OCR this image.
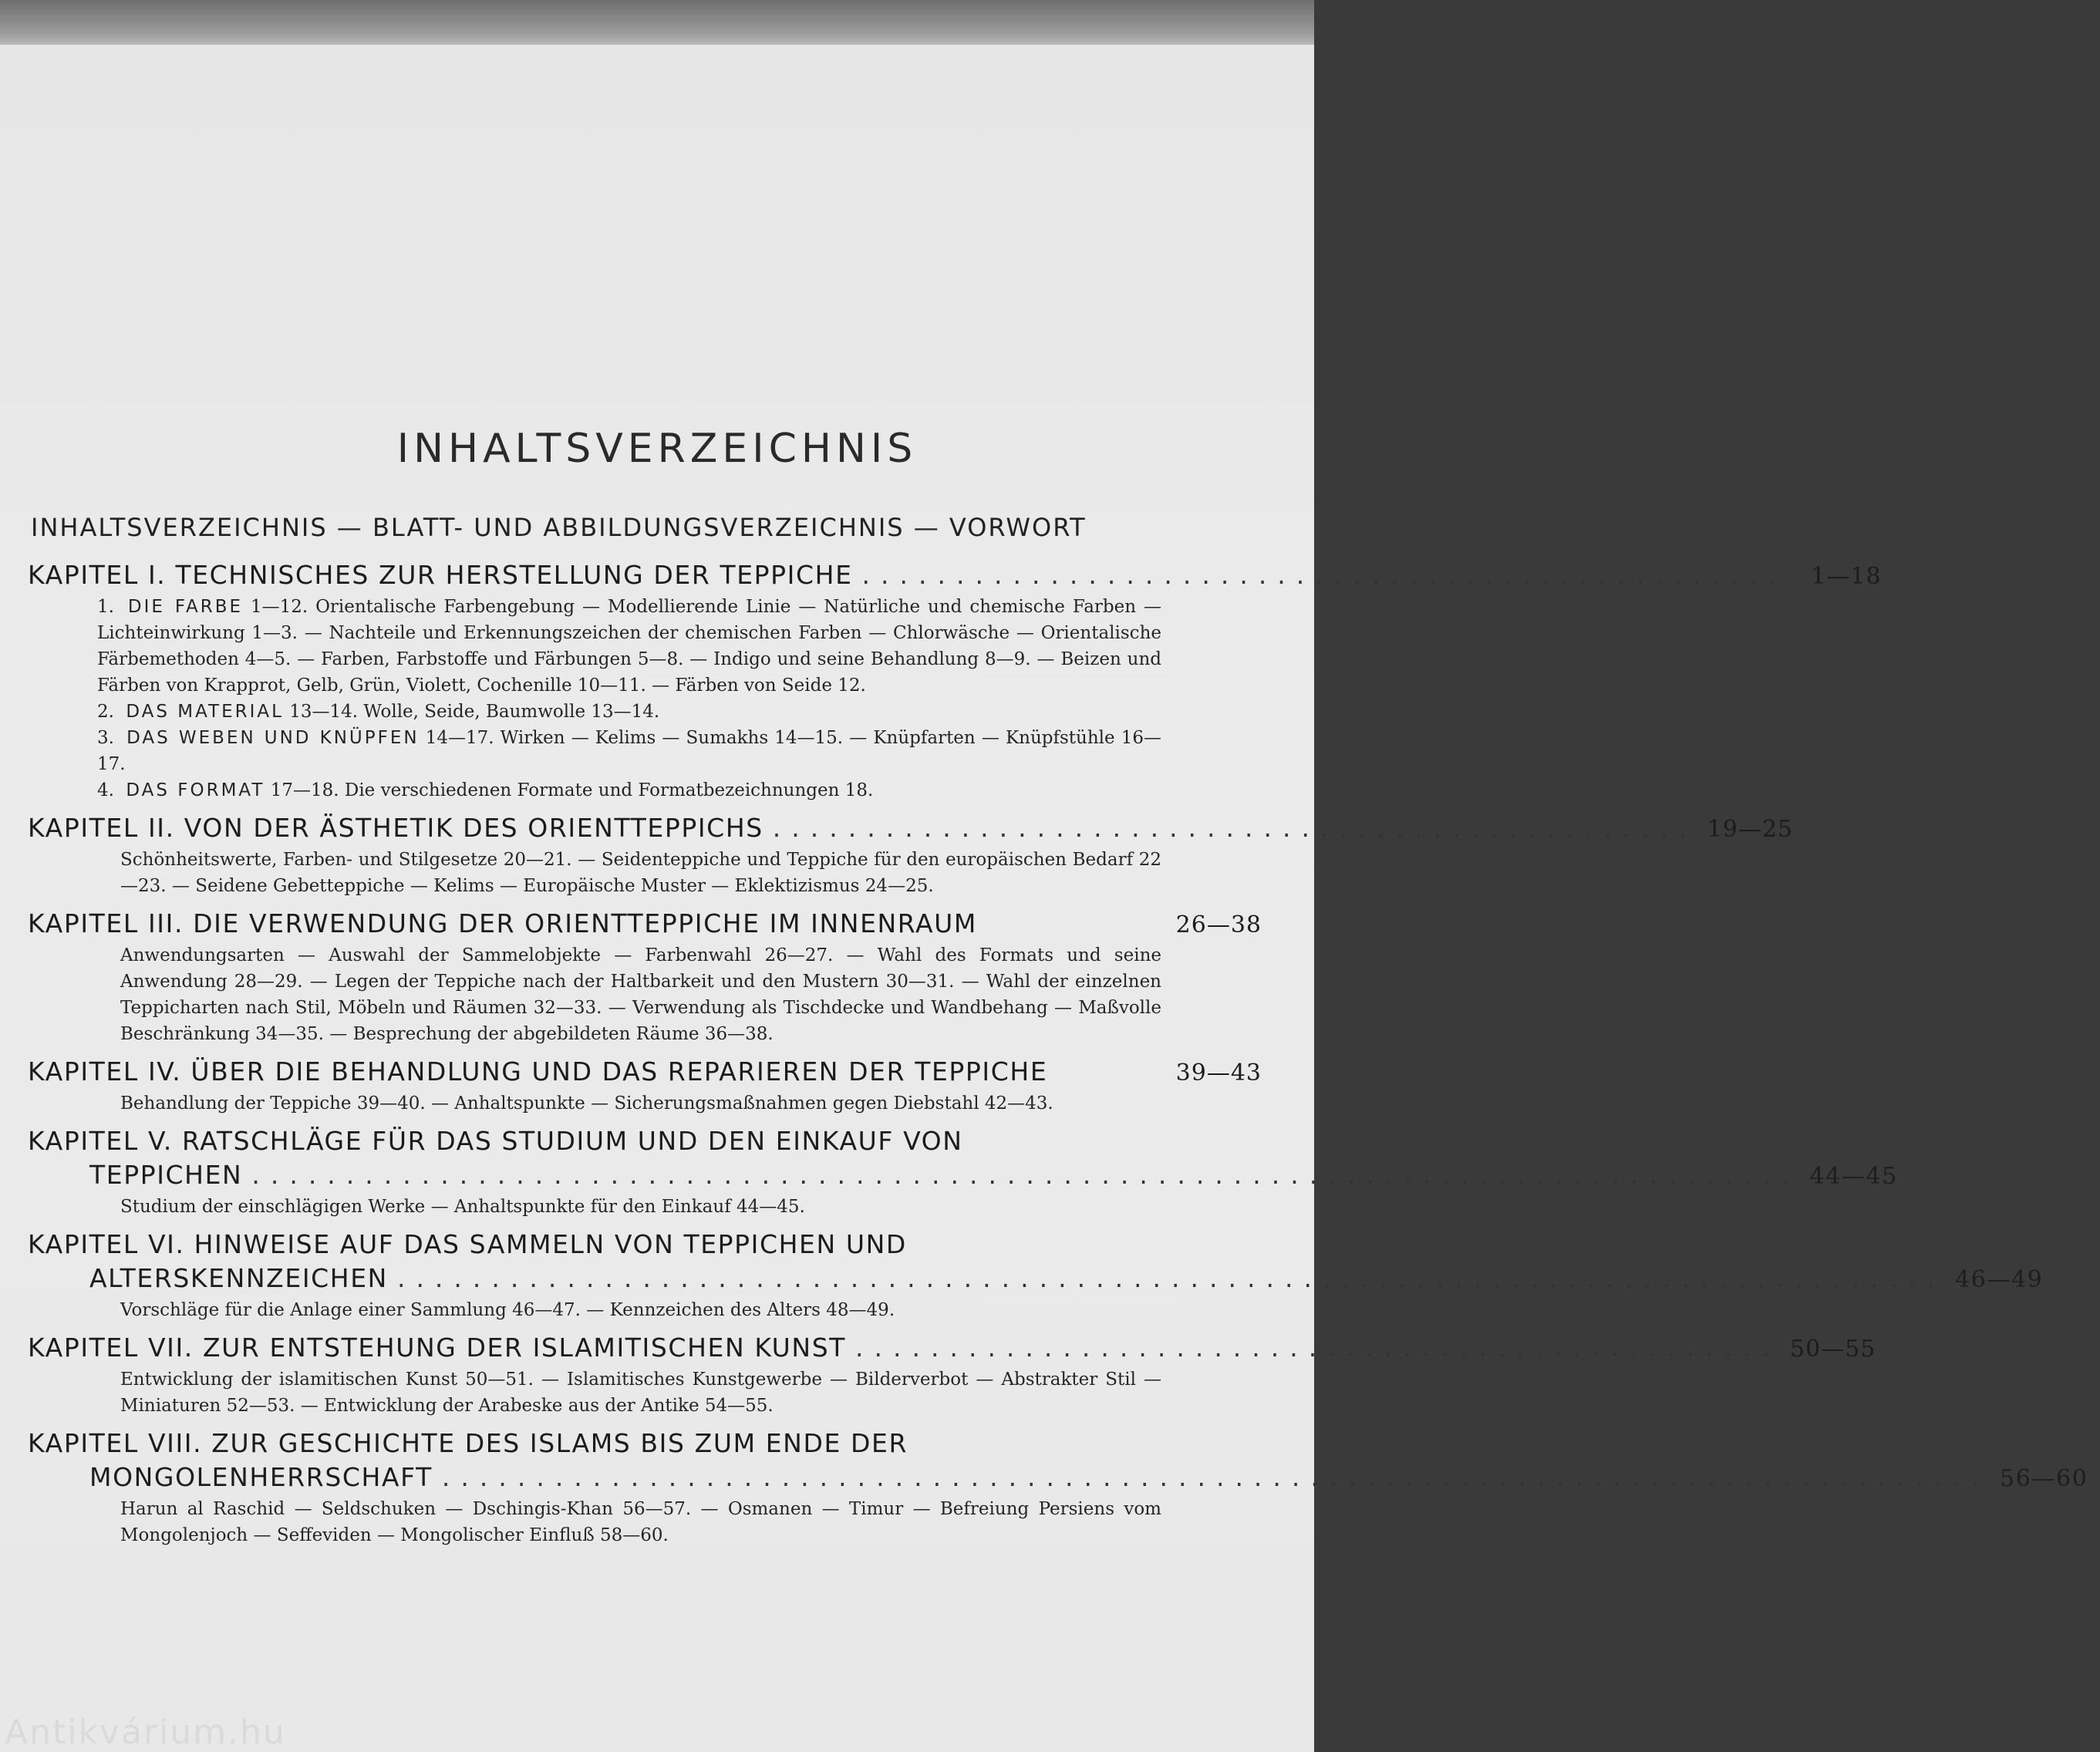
INHALTSVERZEICHNIS
INHALTSVERZEICHNIS — BLATT- UND ABBILDUNGSVERZEICHNIS — VORWORT
KAPITEL I. TECHNISCHES ZUR HERSTELLUNG DER TEPPICHE .................................................	1—18
1. DIE FARBE 1—12. Orientalische Farbengebung — Modellierende Linie — Natürliche und chemische Farben — Lichteinwirkung 1—3. — Nachteile und Erkennungszeichen der chemischen Farben — Chlorwäsche — Orientalische Färbemethoden 4—5. — Farben, Farbstoffe und Färbungen 5—8. — Indigo und seine Behandlung 8—9. — Beizen und Färben von Krapprot, Gelb, Grün, Violett, Cochenille 10—11. — Färben von Seide 12.
2. DAS MATERIAL 13—14. Wolle, Seide, Baumwolle 13—14.
3. DAS WEBEN UND KNÜPFEN 14—17. Wirken — Kelims — Sumakhs 14—15. — Knüpfarten — Knüpfstühle 16—17.
4. DAS FORMAT 17—18. Die verschiedenen Formate und Formatbezeichnungen 18.
KAPITEL II. VON DER ÄSTHETIK DES ORIENTTEPPICHS ................................................. 19—25
Schönheitswerte, Farben- und Stilgesetze 20—21. — Seidenteppiche und Teppiche für den europäischen Bedarf 22—23. — Seidene Gebetteppiche — Kelims — Europäische Muster — Eklektizismus 24—25.
KAPITEL III. DIE VERWENDUNG DER ORIENTTEPPICHE IM INNENRAUM	26—38
Anwendungsarten — Auswahl der Sammelobjekte — Farbenwahl 26—27. — Wahl des Formats und seine Anwendung 28—29. — Legen der Teppiche nach der Haltbarkeit und den Mustern 30—31. — Wahl der einzelnen Teppicharten nach Stil, Möbeln und Räumen 32—33. — Verwendung als Tischdecke und Wandbehang — Maßvolle Beschränkung 34—35. — Besprechung der abgebildeten Räume 36—38.
KAPITEL IV. ÜBER DIE BEHANDLUNG UND DAS REPARIEREN DER TEPPICHE	39—43
Behandlung der Teppiche 39—40. — Anhaltspunkte — Sicherungsmaßnahmen gegen Diebstahl 42—43.
KAPITEL V. RATSCHLÄGE FÜR DAS STUDIUM UND DEN EINKAUF VON
TEPPICHEN .................................................................................. 44—45
Studium der einschlägigen Werke — Anhaltspunkte für den Einkauf 44—45.
KAPITEL VI. HINWEISE AUF DAS SAMMELN VON TEPPICHEN UND
ALTERSKENNZEICHEN .................................................................................. 46—49
Vorschläge für die Anlage einer Sammlung 46—47. — Kennzeichen des Alters 48—49.
KAPITEL VII. ZUR ENTSTEHUNG DER ISLAMITISCHEN KUNST ................................................. 50—55
Entwicklung der islamitischen Kunst 50—51. — Islamitisches Kunstgewerbe — Bilderverbot — Abstrakter Stil — Miniaturen 52—53. — Entwicklung der Arabeske aus der Antike 54—55.
KAPITEL VIII. ZUR GESCHICHTE DES ISLAMS BIS ZUM ENDE DER
MONGOLENHERRSCHAFT .................................................................................. 56—60
Harun al Raschid — Seldschuken — Dschingis-Khan 56—57. — Osmanen — Timur — Befreiung Persiens vom Mongolenjoch — Seffeviden — Mongolischer Einfluß 58—60.
Antikvárium.hu
